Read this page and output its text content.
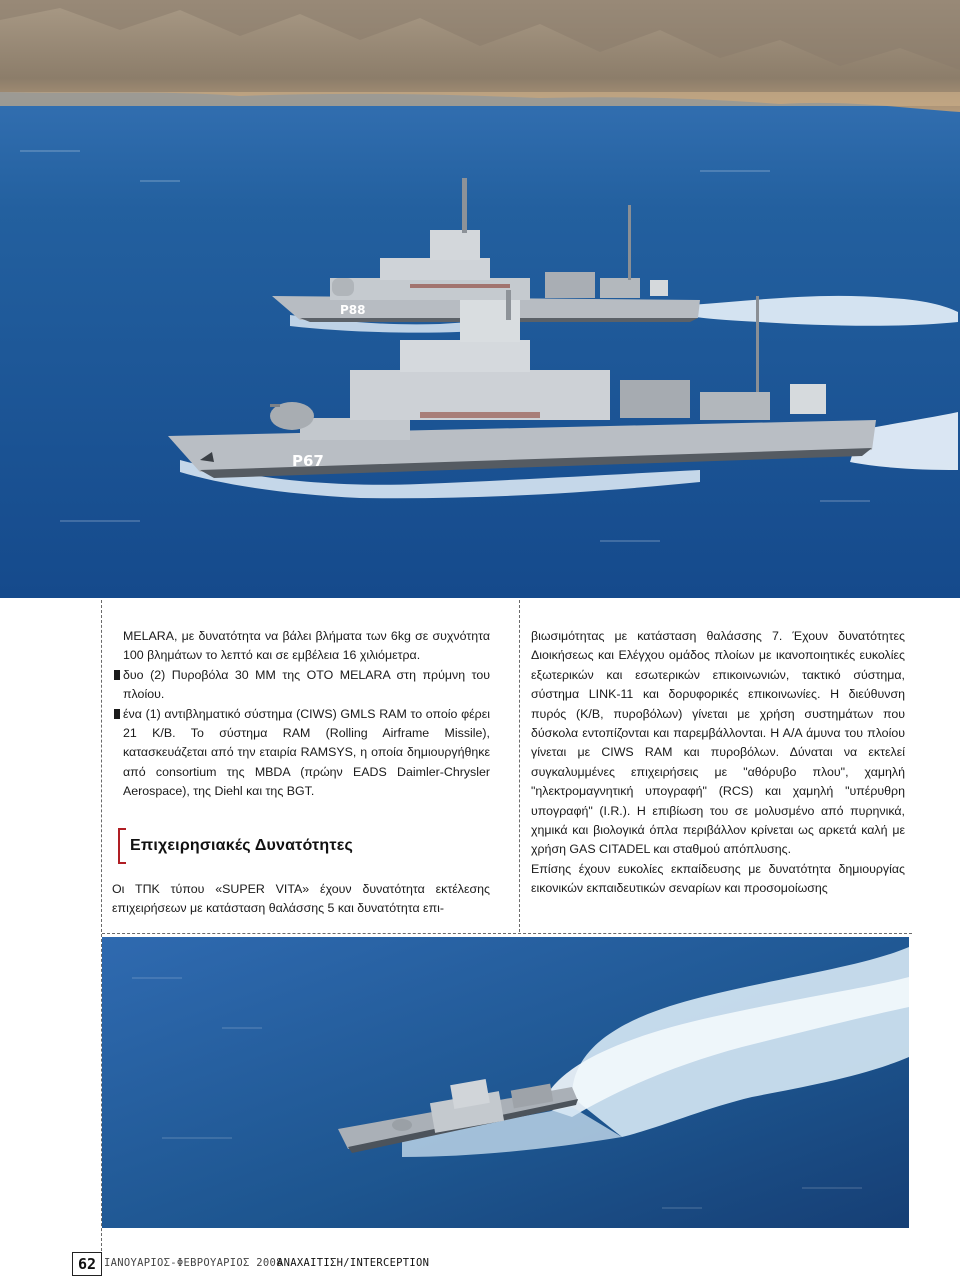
P88
P67

MELARA, με δυνατότητα να βάλει βλήματα των 6kg σε συχνότητα 100 βλημάτων το λεπτό και σε εμβέλεια 16 χιλιόμετρα.

δυο (2) Πυροβόλα 30 MM της OTO MELARA στη πρύμνη του πλοίου.

ένα (1) αντιβληματικό σύστημα (CIWS) GMLS RAM το οποίο φέρει 21 Κ/Β. Το σύστημα RAM (Rolling Airframe Missile), κατασκευάζεται από την εταιρία RAMSYS, η οποία δημιουργήθηκε από consortium της MBDA (πρώην EADS Daimler-Chrysler Aerospace), της Diehl και της BGT.

Επιχειρησιακές Δυνατότητες

Οι ΤΠΚ τύπου «SUPER VITA» έχουν δυνατότητα εκτέλεσης επιχειρήσεων με κατάσταση θαλάσσης 5 και δυνατότητα επι-

βιωσιμότητας με κατάσταση θαλάσσης 7. Έχουν δυνατότητες Διοικήσεως και Ελέγχου ομάδος πλοίων με ικανοποιητικές ευκολίες εξωτερικών και εσωτερικών επικοινωνιών, τακτικό σύστημα, σύστημα LINK-11 και δορυφορικές επικοινωνίες. Η διεύθυνση πυρός (Κ/Β, πυροβόλων) γίνεται με χρήση συστημάτων που δύσκολα εντοπίζονται και παρεμβάλλονται. Η Α/Α άμυνα του πλοίου γίνεται με CIWS RAM και πυροβόλων. Δύναται να εκτελεί συγκαλυμμένες επιχειρήσεις με "αθόρυβο πλου", χαμηλή "ηλεκτρομαγνητική υπογραφή" (RCS) και χαμηλή "υπέρυθρη υπογραφή" (I.R.). Η επιβίωση του σε μολυσμένο από πυρηνικά, χημικά και βιολογικά όπλα περιβάλλον κρίνεται ως αρκετά καλή με χρήση GAS CITADEL και σταθμού απόπλυσης.

Επίσης έχουν ευκολίες εκπαίδευσης με δυνατότητα δημιουργίας εικονικών εκπαιδευτικών σεναρίων και προσομοίωσης

62 ΙΑΝΟΥΑΡΙΟΣ-ΦΕΒΡΟΥΑΡΙΟΣ 2008
ΑΝΑΧΑΙΤΙΣΗ/INTERCEPTION
